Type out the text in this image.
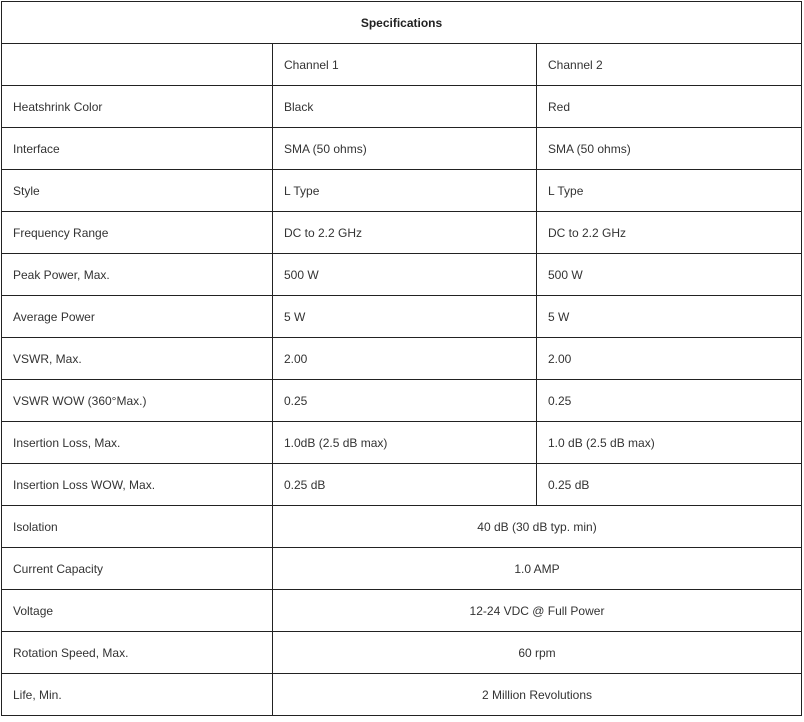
Specifications		
	Channel 1	Channel 2
Heatshrink Color	Black	Red
Interface	SMA (50 ohms)	SMA (50 ohms)
Style	L Type	L Type
Frequency Range	DC to 2.2 GHz	DC to 2.2 GHz
Peak Power, Max.	500 W	500 W
Average Power	5 W	5 W
VSWR, Max.	2.00	2.00
VSWR WOW (360°Max.)	0.25	0.25
Insertion Loss, Max.	1.0dB (2.5 dB max)	1.0 dB (2.5 dB max)
Insertion Loss WOW, Max.	0.25 dB	0.25 dB
Isolation	40 dB (30 dB typ. min)	
Current Capacity	1.0 AMP	
Voltage	12-24 VDC @ Full Power	
Rotation Speed, Max.	60 rpm	
Life, Min.	2 Million Revolutions	
